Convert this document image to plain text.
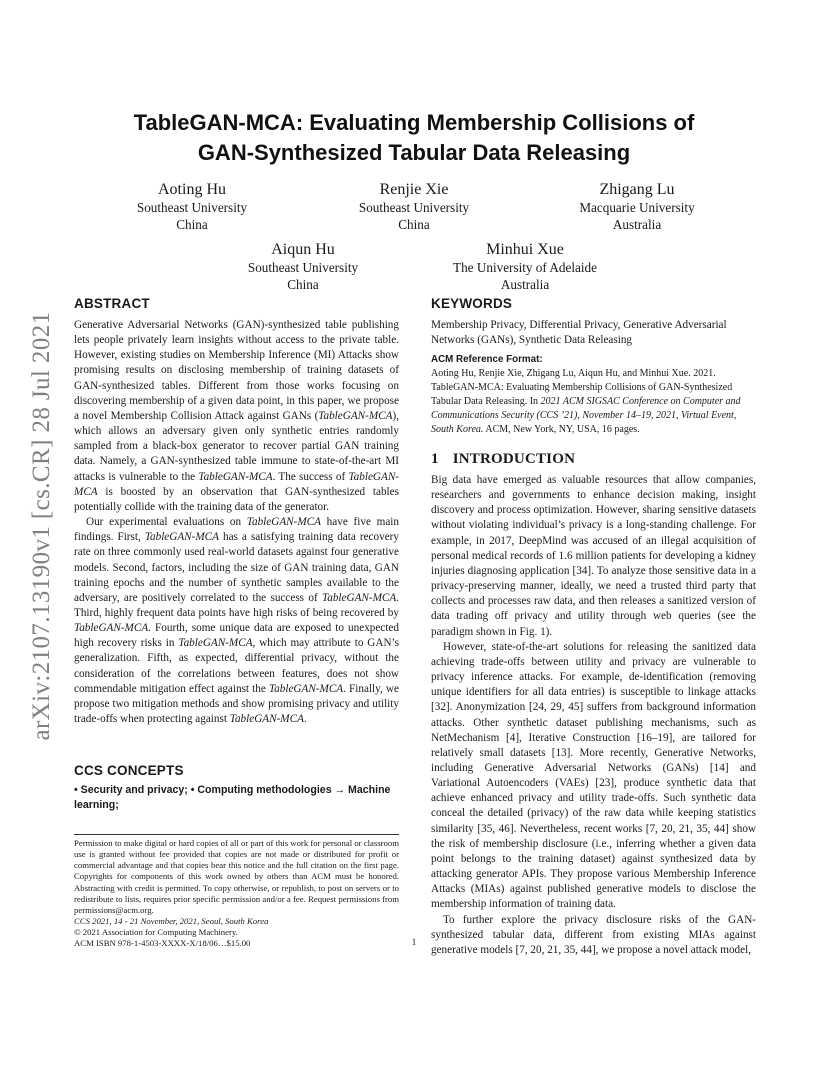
arXiv:2107.13190v1 [cs.CR] 28 Jul 2021
TableGAN-MCA: Evaluating Membership Collisions of
GAN-Synthesized Tabular Data Releasing
Aoting Hu
Southeast University
China
Renjie Xie
Southeast University
China
Zhigang Lu
Macquarie University
Australia
Aiqun Hu
Southeast University
China
Minhui Xue
The University of Adelaide
Australia
ABSTRACT

Generative Adversarial Networks (GAN)-synthesized table publishing lets people privately learn insights without access to the private table. However, existing studies on Membership Inference (MI) Attacks show promising results on disclosing membership of training datasets of GAN-synthesized tables. Different from those works focusing on discovering membership of a given data point, in this paper, we propose a novel Membership Collision Attack against GANs (TableGAN-MCA), which allows an adversary given only synthetic entries randomly sampled from a black-box generator to recover partial GAN training data. Namely, a GAN-synthesized table immune to state-of-the-art MI attacks is vulnerable to the TableGAN-MCA. The success of TableGAN-MCA is boosted by an observation that GAN-synthesized tables potentially collide with the training data of the generator.

Our experimental evaluations on TableGAN-MCA have five main findings. First, TableGAN-MCA has a satisfying training data recovery rate on three commonly used real-world datasets against four generative models. Second, factors, including the size of GAN training data, GAN training epochs and the number of synthetic samples available to the adversary, are positively correlated to the success of TableGAN-MCA. Third, highly frequent data points have high risks of being recovered by TableGAN-MCA. Fourth, some unique data are exposed to unexpected high recovery risks in TableGAN-MCA, which may attribute to GAN’s generalization. Fifth, as expected, differential privacy, without the consideration of the correlations between features, does not show commendable mitigation effect against the TableGAN-MCA. Finally, we propose two mitigation methods and show promising privacy and utility trade-offs when protecting against TableGAN-MCA.

CCS CONCEPTS
• Security and privacy; • Computing methodologies → Machine learning;
Permission to make digital or hard copies of all or part of this work for personal or classroom use is granted without fee provided that copies are not made or distributed for profit or commercial advantage and that copies bear this notice and the full citation on the first page. Copyrights for components of this work owned by others than ACM must be honored. Abstracting with credit is permitted. To copy otherwise, or republish, to post on servers or to redistribute to lists, requires prior specific permission and/or a fee. Request permissions from permissions@acm.org.
CCS 2021, 14 - 21 November, 2021, Seoul, South Korea
© 2021 Association for Computing Machinery.
ACM ISBN 978-1-4503-XXXX-X/18/06…$15.00
KEYWORDS
Membership Privacy, Differential Privacy, Generative Adversarial Networks (GANs), Synthetic Data Releasing
ACM Reference Format:
Aoting Hu, Renjie Xie, Zhigang Lu, Aiqun Hu, and Minhui Xue. 2021. TableGAN-MCA: Evaluating Membership Collisions of GAN-Synthesized Tabular Data Releasing. In 2021 ACM SIGSAC Conference on Computer and Communications Security (CCS ’21), November 14–19, 2021, Virtual Event, South Korea. ACM, New York, NY, USA, 16 pages.
1 INTRODUCTION

Big data have emerged as valuable resources that allow companies, researchers and governments to enhance decision making, insight discovery and process optimization. However, sharing sensitive datasets without violating individual’s privacy is a long-standing challenge. For example, in 2017, DeepMind was accused of an illegal acquisition of personal medical records of 1.6 million patients for developing a kidney injuries diagnosing application [34]. To analyze those sensitive data in a privacy-preserving manner, ideally, we need a trusted third party that collects and processes raw data, and then releases a sanitized version of data trading off privacy and utility through web queries (see the paradigm shown in Fig. 1).

However, state-of-the-art solutions for releasing the sanitized data achieving trade-offs between utility and privacy are vulnerable to privacy inference attacks. For example, de-identification (removing unique identifiers for all data entries) is susceptible to linkage attacks [32]. Anonymization [24, 29, 45] suffers from background information attacks. Other synthetic dataset publishing mechanisms, such as NetMechanism [4], Iterative Construction [16–19], are tailored for relatively small datasets [13]. More recently, Generative Networks, including Generative Adversarial Networks (GANs) [14] and Variational Autoencoders (VAEs) [23], produce synthetic data that achieve enhanced privacy and utility trade-offs. Such synthetic data conceal the detailed (privacy) of the raw data while keeping statistics similarity [35, 46]. Nevertheless, recent works [7, 20, 21, 35, 44] show the risk of membership disclosure (i.e., inferring whether a given data point belongs to the training dataset) against synthesized data by attacking generator APIs. They propose various Membership Inference Attacks (MIAs) against published generative models to disclose the membership information of training data.

To further explore the privacy disclosure risks of the GAN-synthesized tabular data, different from existing MIAs against generative models [7, 20, 21, 35, 44], we propose a novel attack model,

1
